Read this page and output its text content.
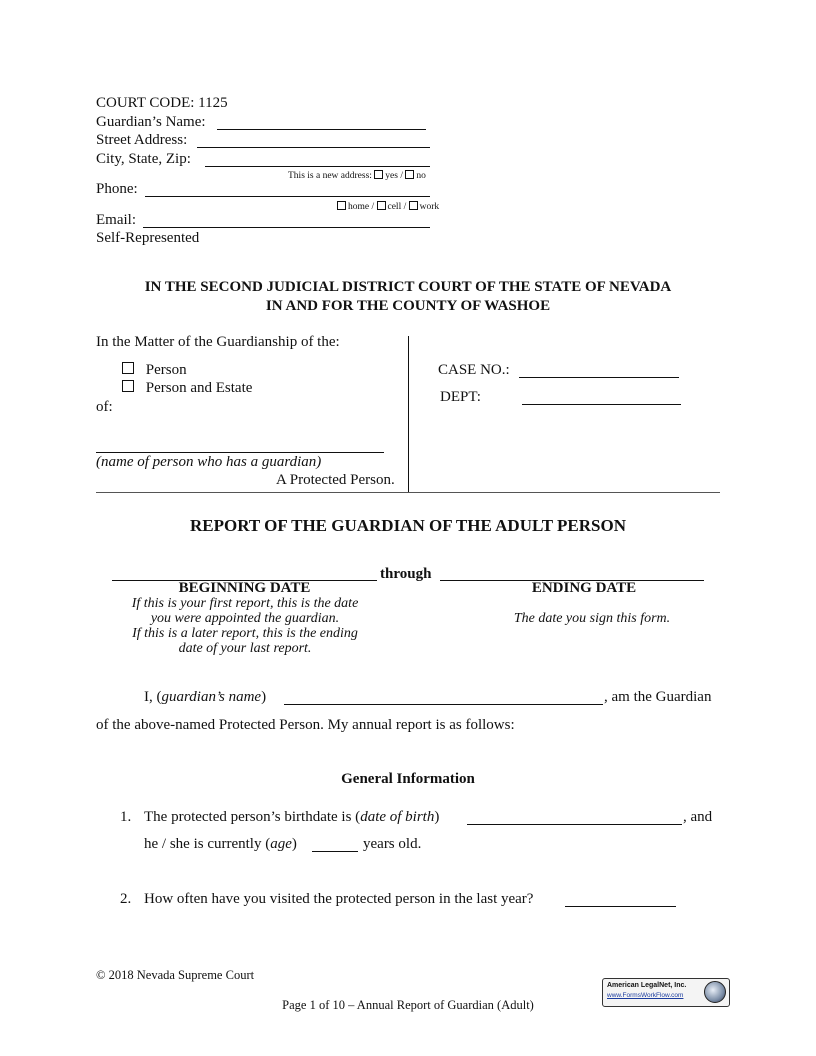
COURT CODE: 1125
Guardian’s Name:
Street Address:
City, State, Zip:
This is a new address: yes / no
Phone:
home / cell / work
Email:
Self-Represented
IN THE SECOND JUDICIAL DISTRICT COURT OF THE STATE OF NEVADA
IN AND FOR THE COUNTY OF WASHOE
In the Matter of the Guardianship of the:
Person
Person and Estate
of:
(name of person who has a guardian)
A Protected Person.
CASE NO.:
DEPT:
REPORT OF THE GUARDIAN OF THE ADULT PERSON
through
BEGINNING DATE
If this is your first report, this is the date
you were appointed the guardian.
If this is a later report, this is the ending
date of your last report.
ENDING DATE
The date you sign this form.
I, (guardian’s name)	, am the Guardian
of the above-named Protected Person. My annual report is as follows:
General Information
1. The protected person’s birthdate is (date of birth)	, and
he / she is currently (age)	years old.
2. How often have you visited the protected person in the last year?
© 2018 Nevada Supreme Court
Page 1 of 10 – Annual Report of Guardian (Adult)
American LegalNet, Inc.
www.FormsWorkFlow.com
